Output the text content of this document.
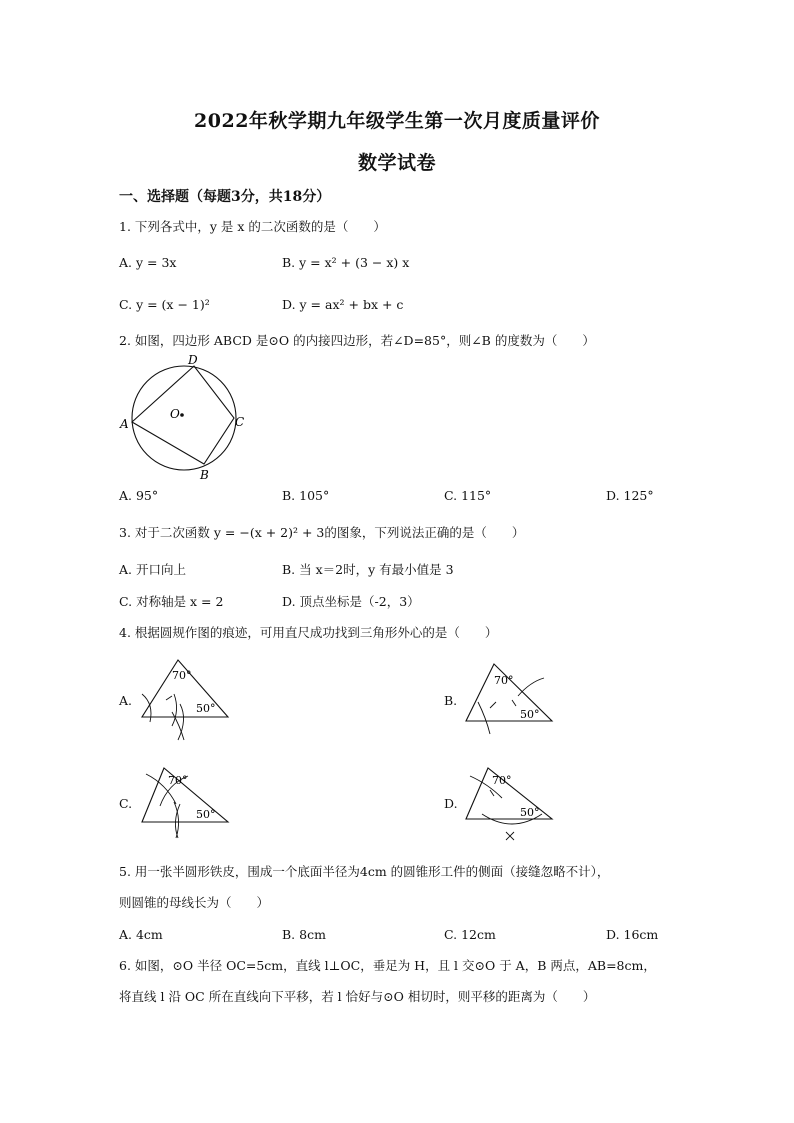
2022年秋学期九年级学生第一次月度质量评价
数学试卷
一、选择题（每题3分，共18分）
1. 下列各式中，y 是 x 的二次函数的是（　　）
A. y = 3x	B. y = x² + (3 − x) x
C. y = (x − 1)²	D. y = ax² + bx + c
2. 如图，四边形 ABCD 是⊙O 的内接四边形，若∠D=85°，则∠B 的度数为（　　）
A
B
C
D
O
A. 95°	B. 105°	C. 115°	D. 125°
3. 对于二次函数 y = −(x + 2)² + 3的图象，下列说法正确的是（　　）
A. 开口向上	B. 当 x＝2时，y 有最小值是 3
C. 对称轴是 x = 2	D. 顶点坐标是（-2，3）
4. 根据圆规作图的痕迹，可用直尺成功找到三角形外心的是（　　）
A.
70°
50°
B.
70°
50°
C.
70°
50°
D.
70°
50°
5. 用一张半圆形铁皮，围成一个底面半径为4cm 的圆锥形工件的侧面（接缝忽略不计），
则圆锥的母线长为（　　）
A. 4cm	B. 8cm	C. 12cm	D. 16cm
6. 如图，⊙O 半径 OC=5cm，直线 l⊥OC，垂足为 H，且 l 交⊙O 于 A，B 两点，AB=8cm，
将直线 l 沿 OC 所在直线向下平移，若 l 恰好与⊙O 相切时，则平移的距离为（　　）
